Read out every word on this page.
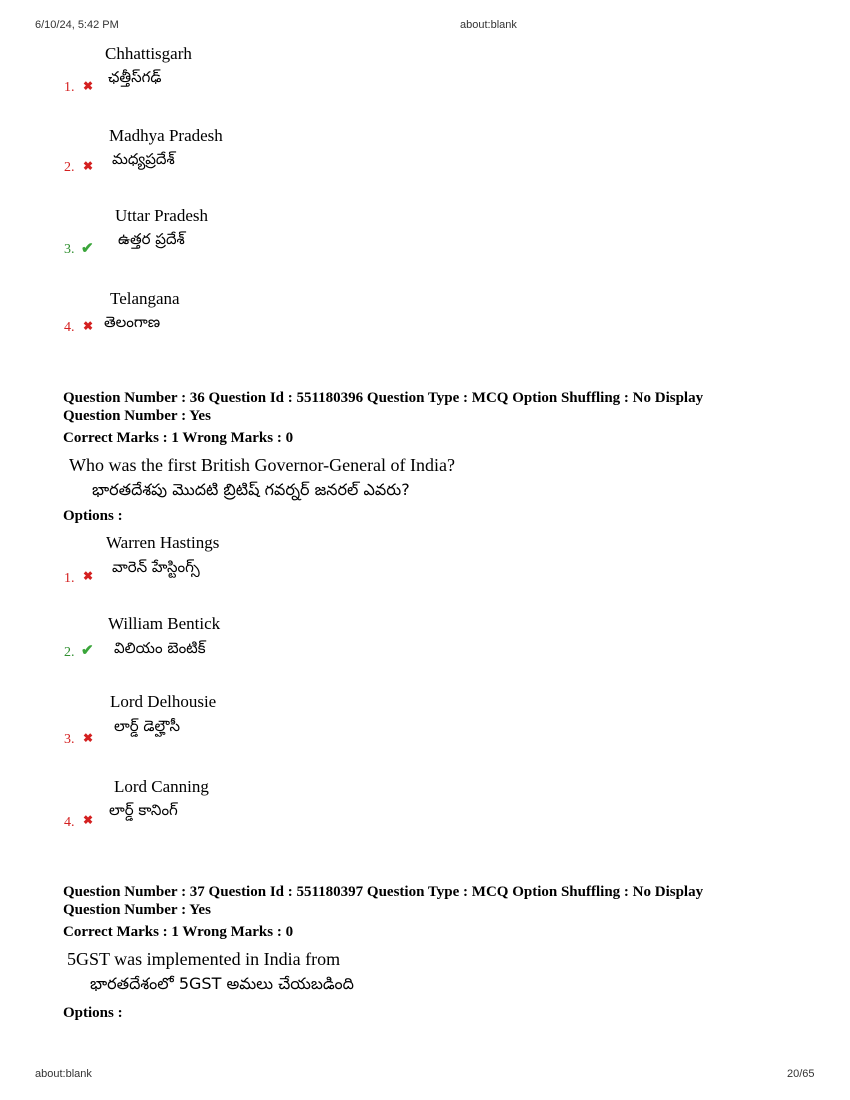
6/10/24, 5:42 PM	about:blank
Chhattisgarh
ఛత్తీస్‌గఢ్
1. ✖
Madhya Pradesh
మధ్యప్రదేశ్
2. ✖
Uttar Pradesh
ఉత్తర ప్రదేశ్
3. ✔
Telangana
తెలంగాణ
4. ✖
Question Number : 36 Question Id : 551180396 Question Type : MCQ Option Shuffling : No Display
Question Number : Yes
Correct Marks : 1 Wrong Marks : 0
Who was the first British Governor-General of India?
భారతదేశపు మొదటి బ్రిటిష్ గవర్నర్ జనరల్ ఎవరు?
Options :
Warren Hastings
వారెన్ హేస్టింగ్స్
1. ✖
William Bentick
విలియం బెంటిక్
2. ✔
Lord Delhousie
లార్డ్ డెల్హౌసీ
3. ✖
Lord Canning
లార్డ్ కానింగ్
4. ✖
Question Number : 37 Question Id : 551180397 Question Type : MCQ Option Shuffling : No Display
Question Number : Yes
Correct Marks : 1 Wrong Marks : 0
5GST was implemented in India from
భారతదేశంలో 5GST అమలు చేయబడింది
Options :
about:blank	20/65
